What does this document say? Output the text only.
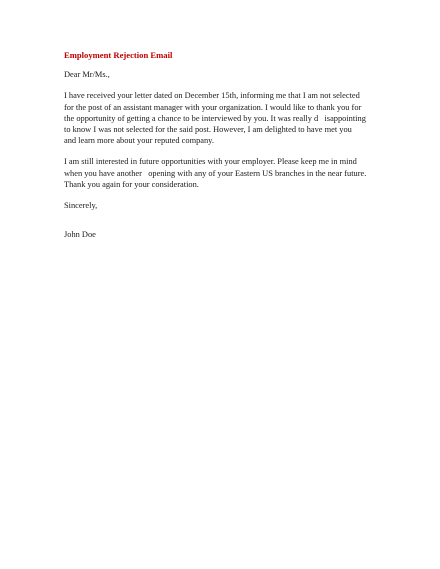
Employment Rejection Email
Dear Mr/Ms.,
I have received your letter dated on December 15th, informing me that I am not selected
for the post of an assistant manager with your organization. I would like to thank you for
the opportunity of getting a chance to be interviewed by you. It was really d   isappointing
to know I was not selected for the said post. However, I am delighted to have met you
and learn more about your reputed company.
I am still interested in future opportunities with your employer. Please keep me in mind
when you have another   opening with any of your Eastern US branches in the near future.
Thank you again for your consideration.
Sincerely,
John Doe
